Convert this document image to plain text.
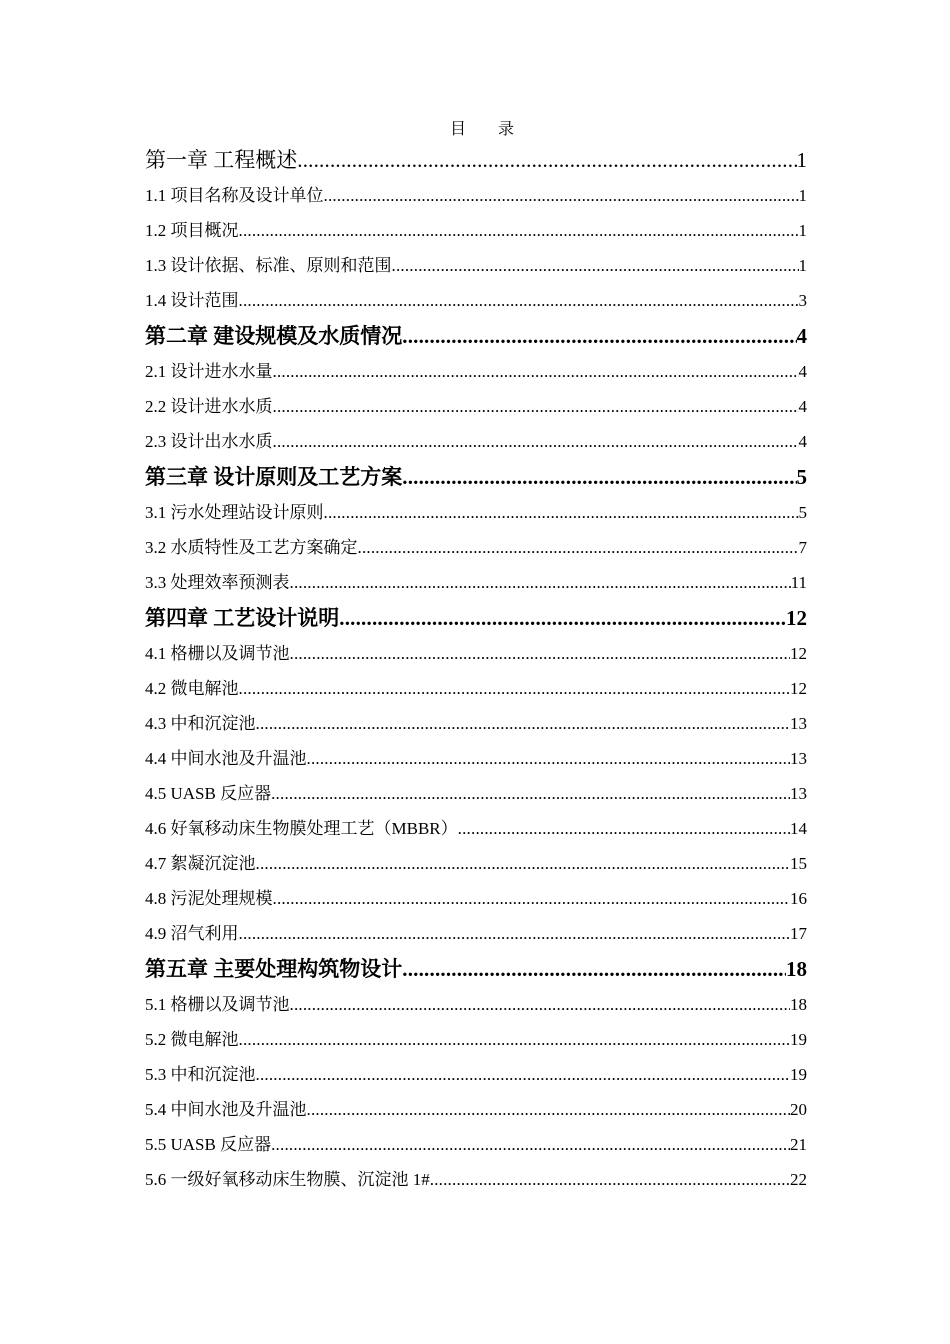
目 录
第一章 工程概述 .....	1
1.1 项目名称及设计单位 .....	1
1.2 项目概况 .....	1
1.3 设计依据、标准、原则和范围 .....	1
1.4 设计范围 .....	3
第二章 建设规模及水质情况 .....	4
2.1 设计进水水量 .....	4
2.2 设计进水水质 .....	4
2.3 设计出水水质 .....	4
第三章 设计原则及工艺方案 .....	5
3.1 污水处理站设计原则 .....	5
3.2 水质特性及工艺方案确定 .....	7
3.3 处理效率预测表 .....	11
第四章 工艺设计说明 .....	12
4.1 格栅以及调节池 .....	12
4.2 微电解池 .....	12
4.3 中和沉淀池 .....	13
4.4 中间水池及升温池 .....	13
4.5 UASB 反应器 .....	13
4.6 好氧移动床生物膜处理工艺（MBBR） .....	14
4.7 絮凝沉淀池 .....	15
4.8 污泥处理规模 .....	16
4.9 沼气利用 .....	17
第五章 主要处理构筑物设计 .....	18
5.1 格栅以及调节池 .....	18
5.2 微电解池 .....	19
5.3 中和沉淀池 .....	19
5.4 中间水池及升温池 .....	20
5.5 UASB 反应器 .....	21
5.6 一级好氧移动床生物膜、沉淀池 1# .....	22
